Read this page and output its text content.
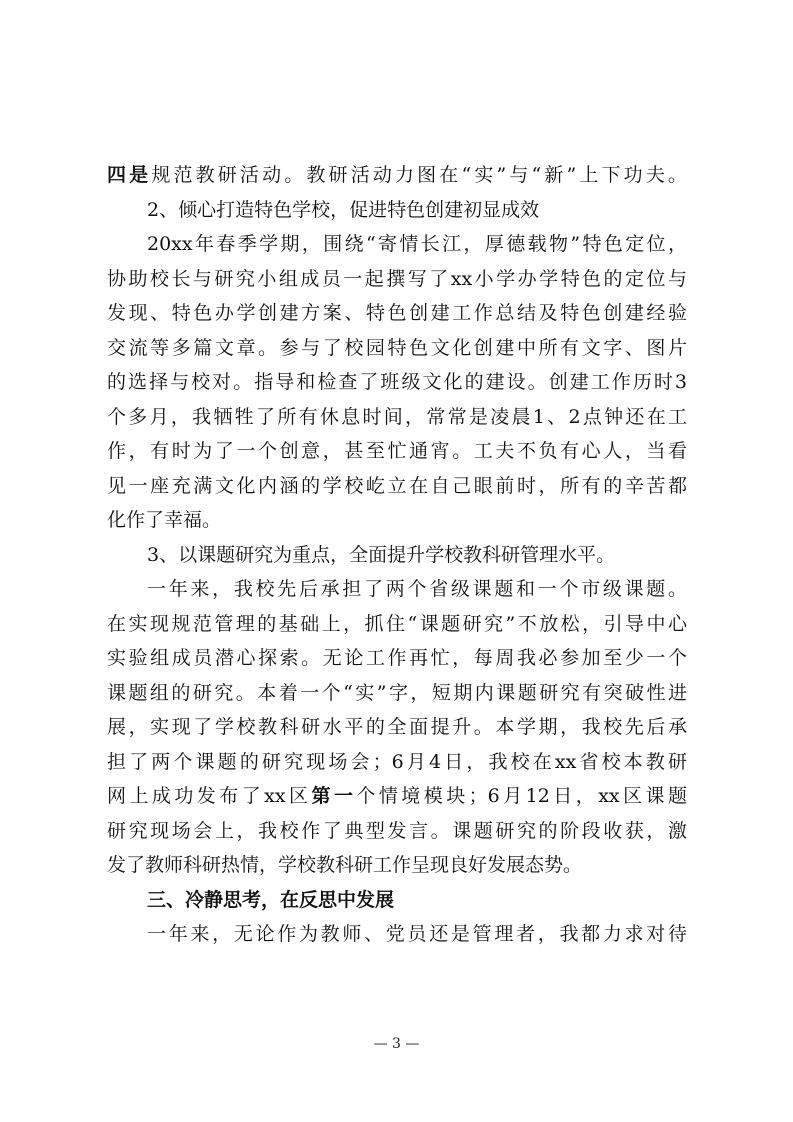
四是规范教研活动。教研活动力图在“实”与“新”上下功夫。
2、倾心打造特色学校，促进特色创建初显成效
20xx年春季学期，围绕“寄情长江，厚德载物”特色定位，
协助校长与研究小组成员一起撰写了xx小学办学特色的定位与
发现、特色办学创建方案、特色创建工作总结及特色创建经验
交流等多篇文章。参与了校园特色文化创建中所有文字、图片
的选择与校对。指导和检查了班级文化的建设。创建工作历时3
个多月，我牺牲了所有休息时间，常常是凌晨1、2点钟还在工
作，有时为了一个创意，甚至忙通宵。工夫不负有心人，当看
见一座充满文化内涵的学校屹立在自己眼前时，所有的辛苦都
化作了幸福。
3、以课题研究为重点，全面提升学校教科研管理水平。
一年来，我校先后承担了两个省级课题和一个市级课题。
在实现规范管理的基础上，抓住“课题研究”不放松，引导中心
实验组成员潜心探索。无论工作再忙，每周我必参加至少一个
课题组的研究。本着一个“实”字，短期内课题研究有突破性进
展，实现了学校教科研水平的全面提升。本学期，我校先后承
担了两个课题的研究现场会；6月4日，我校在xx省校本教研
网上成功发布了xx区第一个情境模块；6月12日，xx区课题
研究现场会上，我校作了典型发言。课题研究的阶段收获，激
发了教师科研热情，学校教科研工作呈现良好发展态势。
三、冷静思考，在反思中发展
一年来，无论作为教师、党员还是管理者，我都力求对待
— 3 —
